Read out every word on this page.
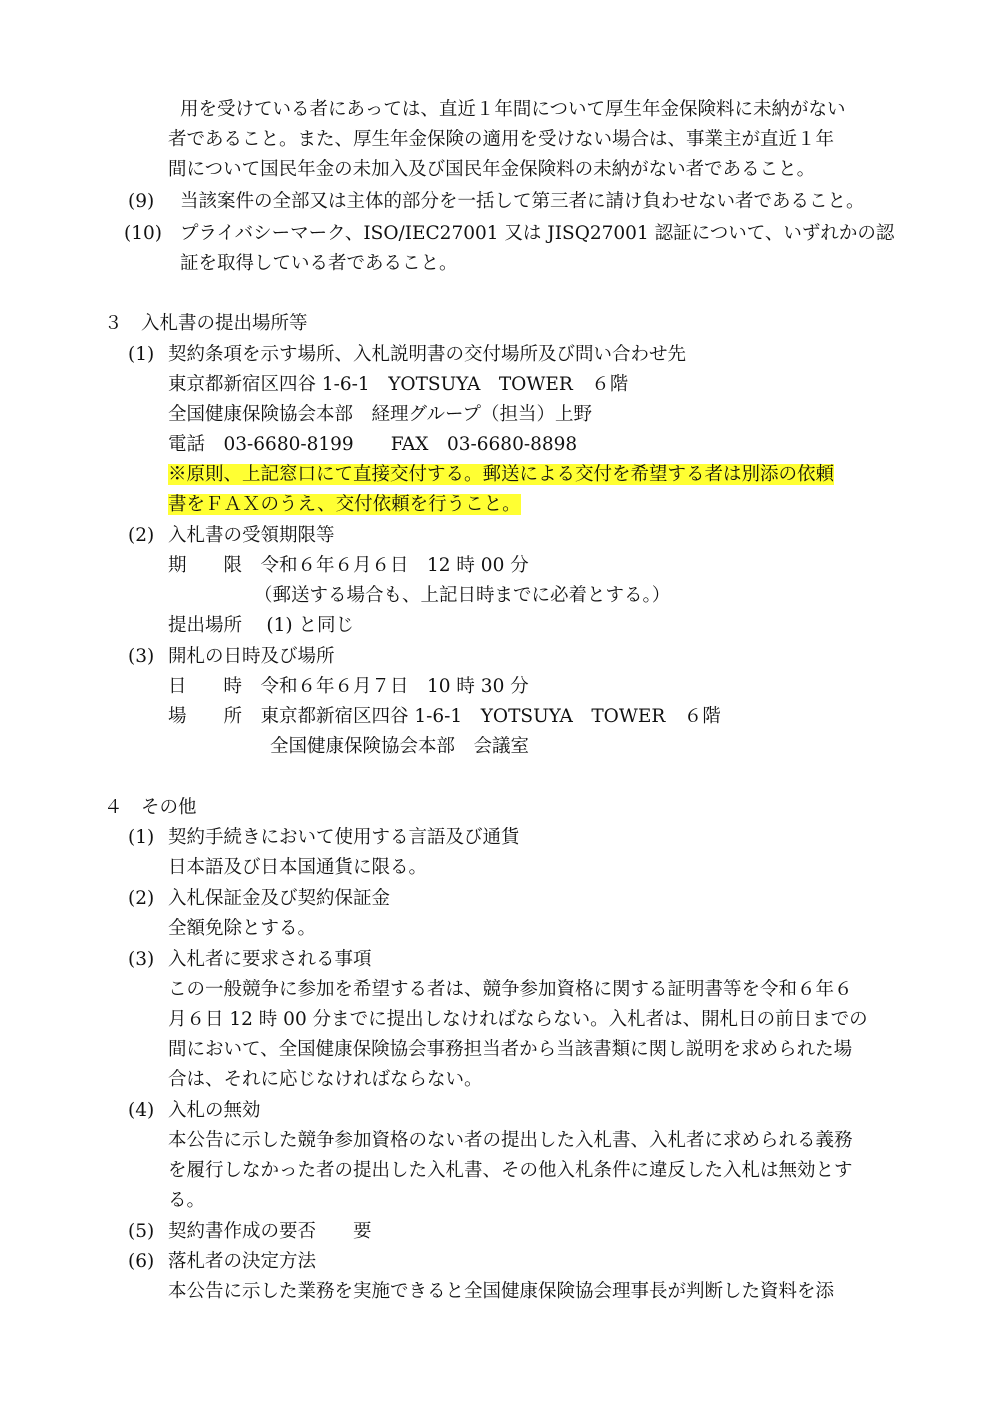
用を受けている者にあっては、直近１年間について厚生年金保険料に未納がない
者であること。また、厚生年金保険の適用を受けない場合は、事業主が直近１年
間について国民年金の未加入及び国民年金保険料の未納がない者であること。
(9) 当該案件の全部又は主体的部分を一括して第三者に請け負わせない者であること。
(10) プライバシーマーク、ISO/IEC27001 又は JISQ27001 認証について、いずれかの認
証を取得している者であること。
３　入札書の提出場所等
(1) 契約条項を示す場所、入札説明書の交付場所及び問い合わせ先
東京都新宿区四谷 1-6-1　YOTSUYA　TOWER　６階
全国健康保険協会本部　経理グループ（担当）上野
電話　03-6680-8199　　FAX　03-6680-8898
※原則、上記窓口にて直接交付する。郵送による交付を希望する者は別添の依頼
書をＦＡＸのうえ、交付依頼を行うこと。
(2) 入札書の受領期限等
期　　限　令和６年６月６日　12 時 00 分
（郵送する場合も、上記日時までに必着とする。）
提出場所　 (1) と同じ
(3) 開札の日時及び場所
日　　時　令和６年６月７日　10 時 30 分
場　　所　東京都新宿区四谷 1-6-1　YOTSUYA　TOWER　６階
全国健康保険協会本部　会議室
４　その他
(1) 契約手続きにおいて使用する言語及び通貨
日本語及び日本国通貨に限る。
(2) 入札保証金及び契約保証金
全額免除とする。
(3) 入札者に要求される事項
この一般競争に参加を希望する者は、競争参加資格に関する証明書等を令和６年６
月６日 12 時 00 分までに提出しなければならない。入札者は、開札日の前日までの
間において、全国健康保険協会事務担当者から当該書類に関し説明を求められた場
合は、それに応じなければならない。
(4) 入札の無効
本公告に示した競争参加資格のない者の提出した入札書、入札者に求められる義務
を履行しなかった者の提出した入札書、その他入札条件に違反した入札は無効とす
る。
(5) 契約書作成の要否　　要
(6) 落札者の決定方法
本公告に示した業務を実施できると全国健康保険協会理事長が判断した資料を添
